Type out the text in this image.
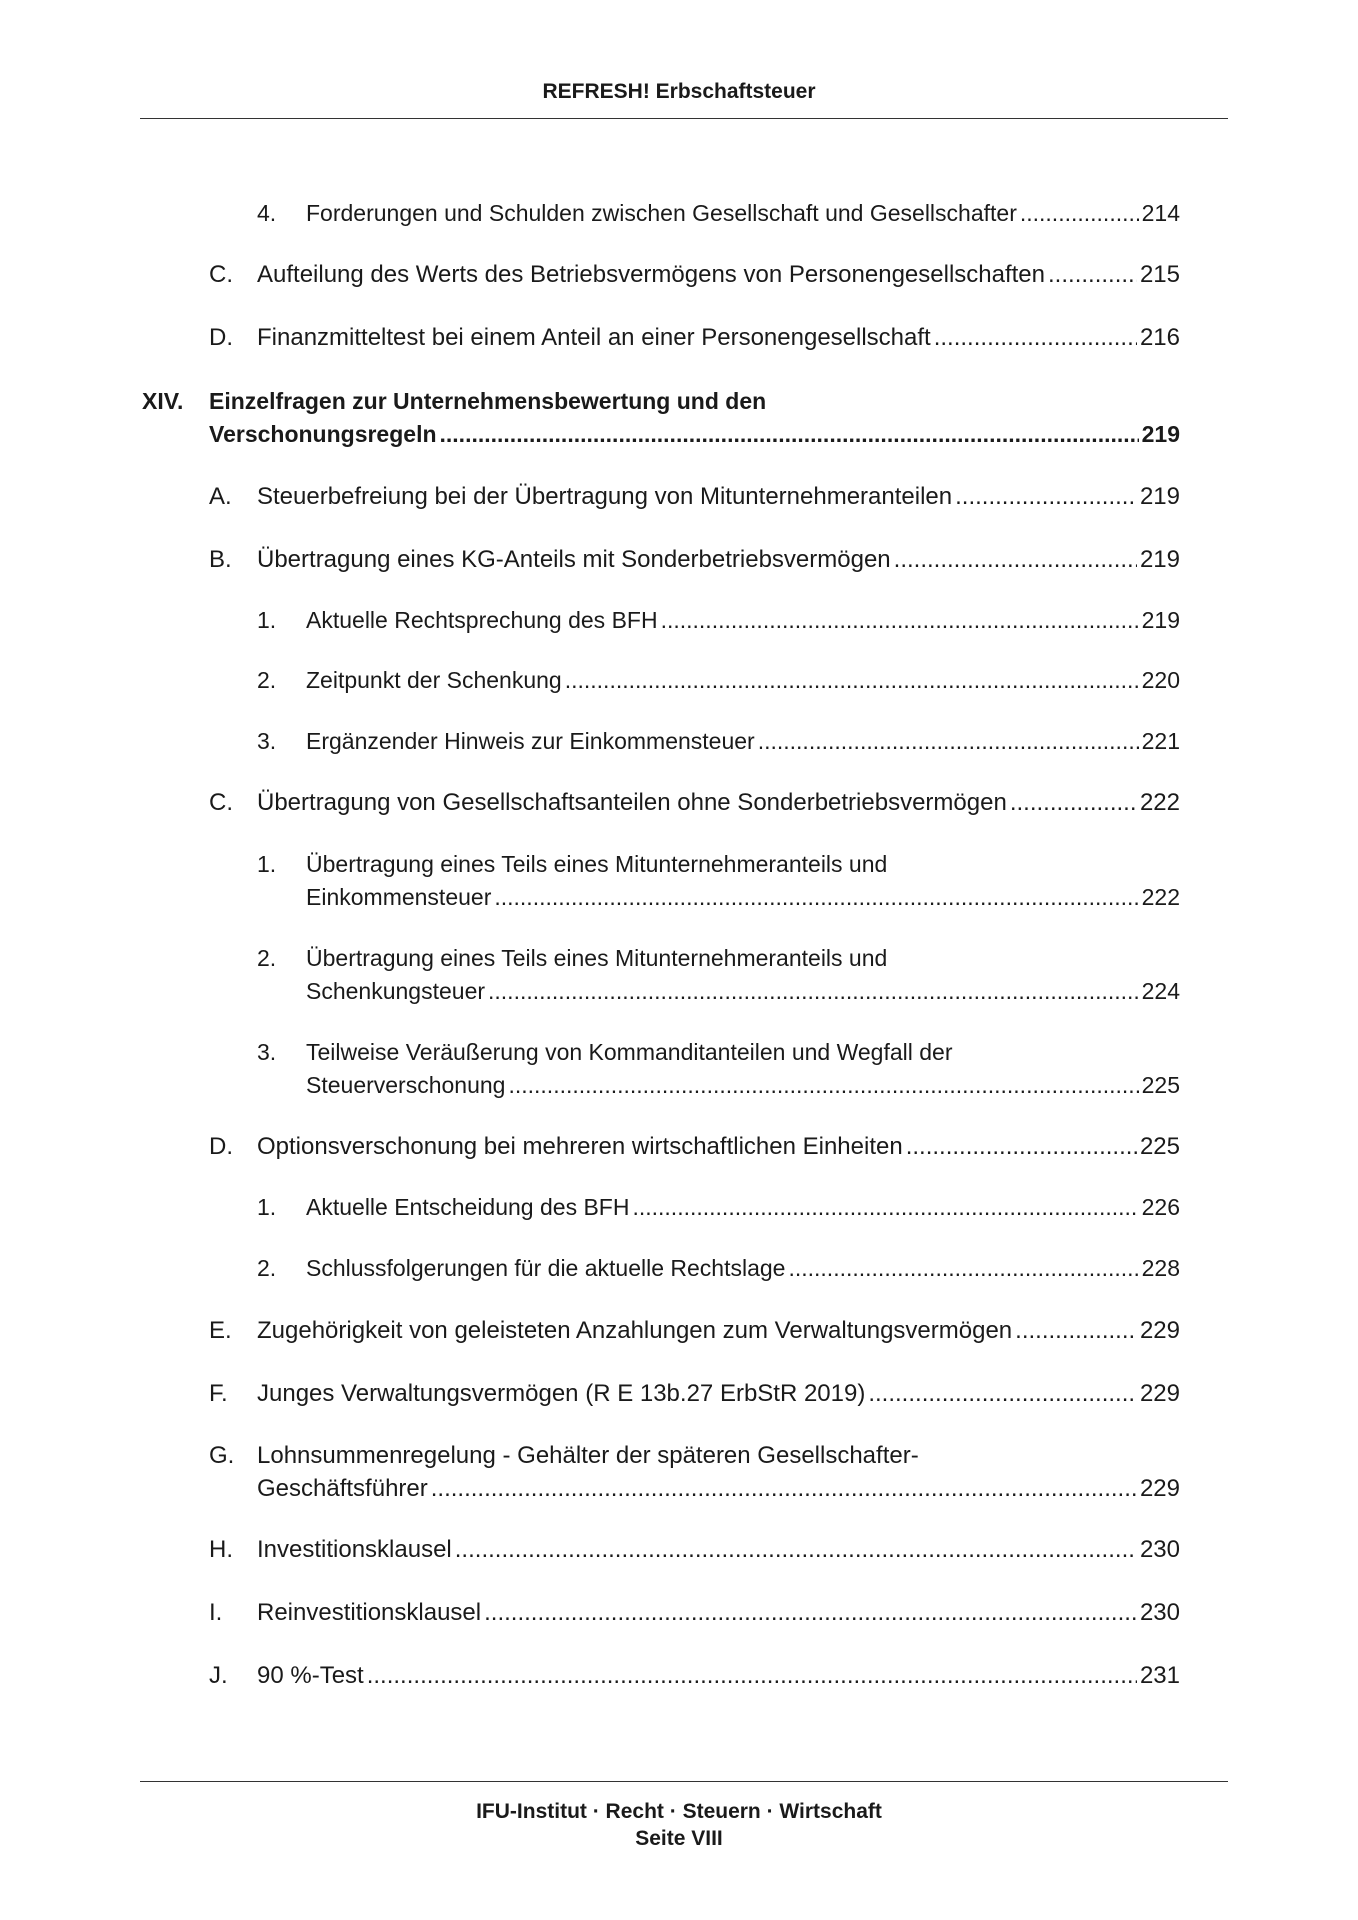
REFRESH! Erbschaftsteuer
4. Forderungen und Schulden zwischen Gesellschaft und Gesellschafter .....	214
C. Aufteilung des Werts des Betriebsvermögens von Personengesellschaften .....	215
D. Finanzmitteltest bei einem Anteil an einer Personengesellschaft .....	216
XIV. Einzelfragen zur Unternehmensbewertung und den
Verschonungsregeln .....	219
A. Steuerbefreiung bei der Übertragung von Mitunternehmeranteilen .....	219
B. Übertragung eines KG-Anteils mit Sonderbetriebsvermögen .....	219
1. Aktuelle Rechtsprechung des BFH .....	219
2. Zeitpunkt der Schenkung .....	220
3. Ergänzender Hinweis zur Einkommensteuer .....	221
C. Übertragung von Gesellschaftsanteilen ohne Sonderbetriebsvermögen .....	222
1. Übertragung eines Teils eines Mitunternehmeranteils und
Einkommensteuer .....	222
2. Übertragung eines Teils eines Mitunternehmeranteils und
Schenkungsteuer .....	224
3. Teilweise Veräußerung von Kommanditanteilen und Wegfall der
Steuerverschonung .....	225
D. Optionsverschonung bei mehreren wirtschaftlichen Einheiten .....	225
1. Aktuelle Entscheidung des BFH .....	226
2. Schlussfolgerungen für die aktuelle Rechtslage .....	228
E. Zugehörigkeit von geleisteten Anzahlungen zum Verwaltungsvermögen .....	229
F. Junges Verwaltungsvermögen (R E 13b.27 ErbStR 2019) .....	229
G. Lohnsummenregelung - Gehälter der späteren Gesellschafter-
Geschäftsführer .....	229
H. Investitionsklausel .....	230
I. Reinvestitionsklausel .....	230
J. 90 %-Test .....	231
IFU-Institut · Recht · Steuern · Wirtschaft
Seite VIII
